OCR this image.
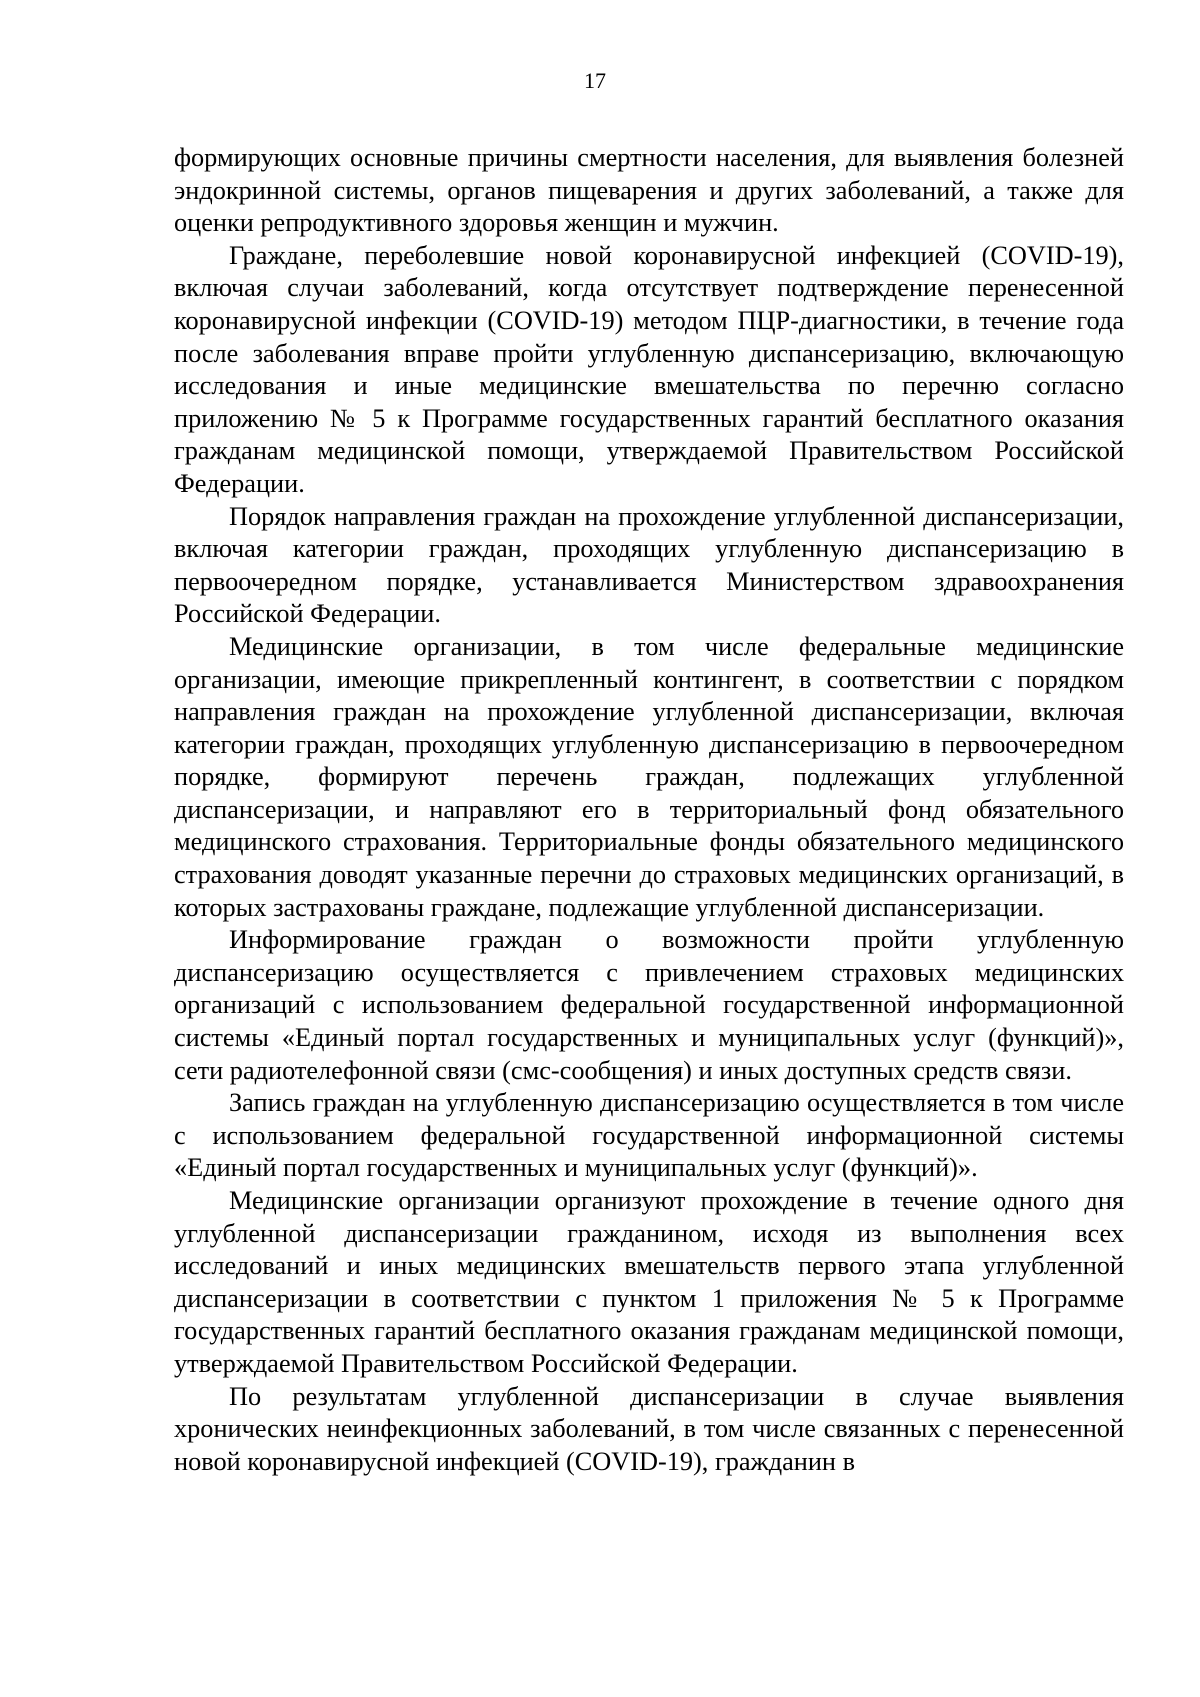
17

формирующих основные причины смертности населения, для выявления болезней эндокринной системы, органов пищеварения и других заболеваний, а также для оценки репродуктивного здоровья женщин и мужчин.

Граждане, переболевшие новой коронавирусной инфекцией (COVID-19), включая случаи заболеваний, когда отсутствует подтверждение перенесенной коронавирусной инфекции (COVID-19) методом ПЦР-диагностики, в течение года после заболевания вправе пройти углубленную диспансеризацию, включающую исследования и иные медицинские вмешательства по перечню согласно приложению № 5 к Программе государственных гарантий бесплатного оказания гражданам медицинской помощи, утверждаемой Правительством Российской Федерации.

Порядок направления граждан на прохождение углубленной диспансеризации, включая категории граждан, проходящих углубленную диспансеризацию в первоочередном порядке, устанавливается Министерством здравоохранения Российской Федерации.

Медицинские организации, в том числе федеральные медицинские организации, имеющие прикрепленный контингент, в соответствии с порядком направления граждан на прохождение углубленной диспансеризации, включая категории граждан, проходящих углубленную диспансеризацию в первоочередном порядке, формируют перечень граждан, подлежащих углубленной диспансеризации, и направляют его в территориальный фонд обязательного медицинского страхования. Территориальные фонды обязательного медицинского страхования доводят указанные перечни до страховых медицинских организаций, в которых застрахованы граждане, подлежащие углубленной диспансеризации.

Информирование граждан о возможности пройти углубленную диспансеризацию осуществляется с привлечением страховых медицинских организаций с использованием федеральной государственной информационной системы «Единый портал государственных и муниципальных услуг (функций)», сети радиотелефонной связи (смс-сообщения) и иных доступных средств связи.

Запись граждан на углубленную диспансеризацию осуществляется в том числе с использованием федеральной государственной информационной системы «Единый портал государственных и муниципальных услуг (функций)».

Медицинские организации организуют прохождение в течение одного дня углубленной диспансеризации гражданином, исходя из выполнения всех исследований и иных медицинских вмешательств первого этапа углубленной диспансеризации в соответствии с пунктом 1 приложения № 5 к Программе государственных гарантий бесплатного оказания гражданам медицинской помощи, утверждаемой Правительством Российской Федерации.

По результатам углубленной диспансеризации в случае выявления хронических неинфекционных заболеваний, в том числе связанных с перенесенной новой коронавирусной инфекцией (COVID-19), гражданин в
